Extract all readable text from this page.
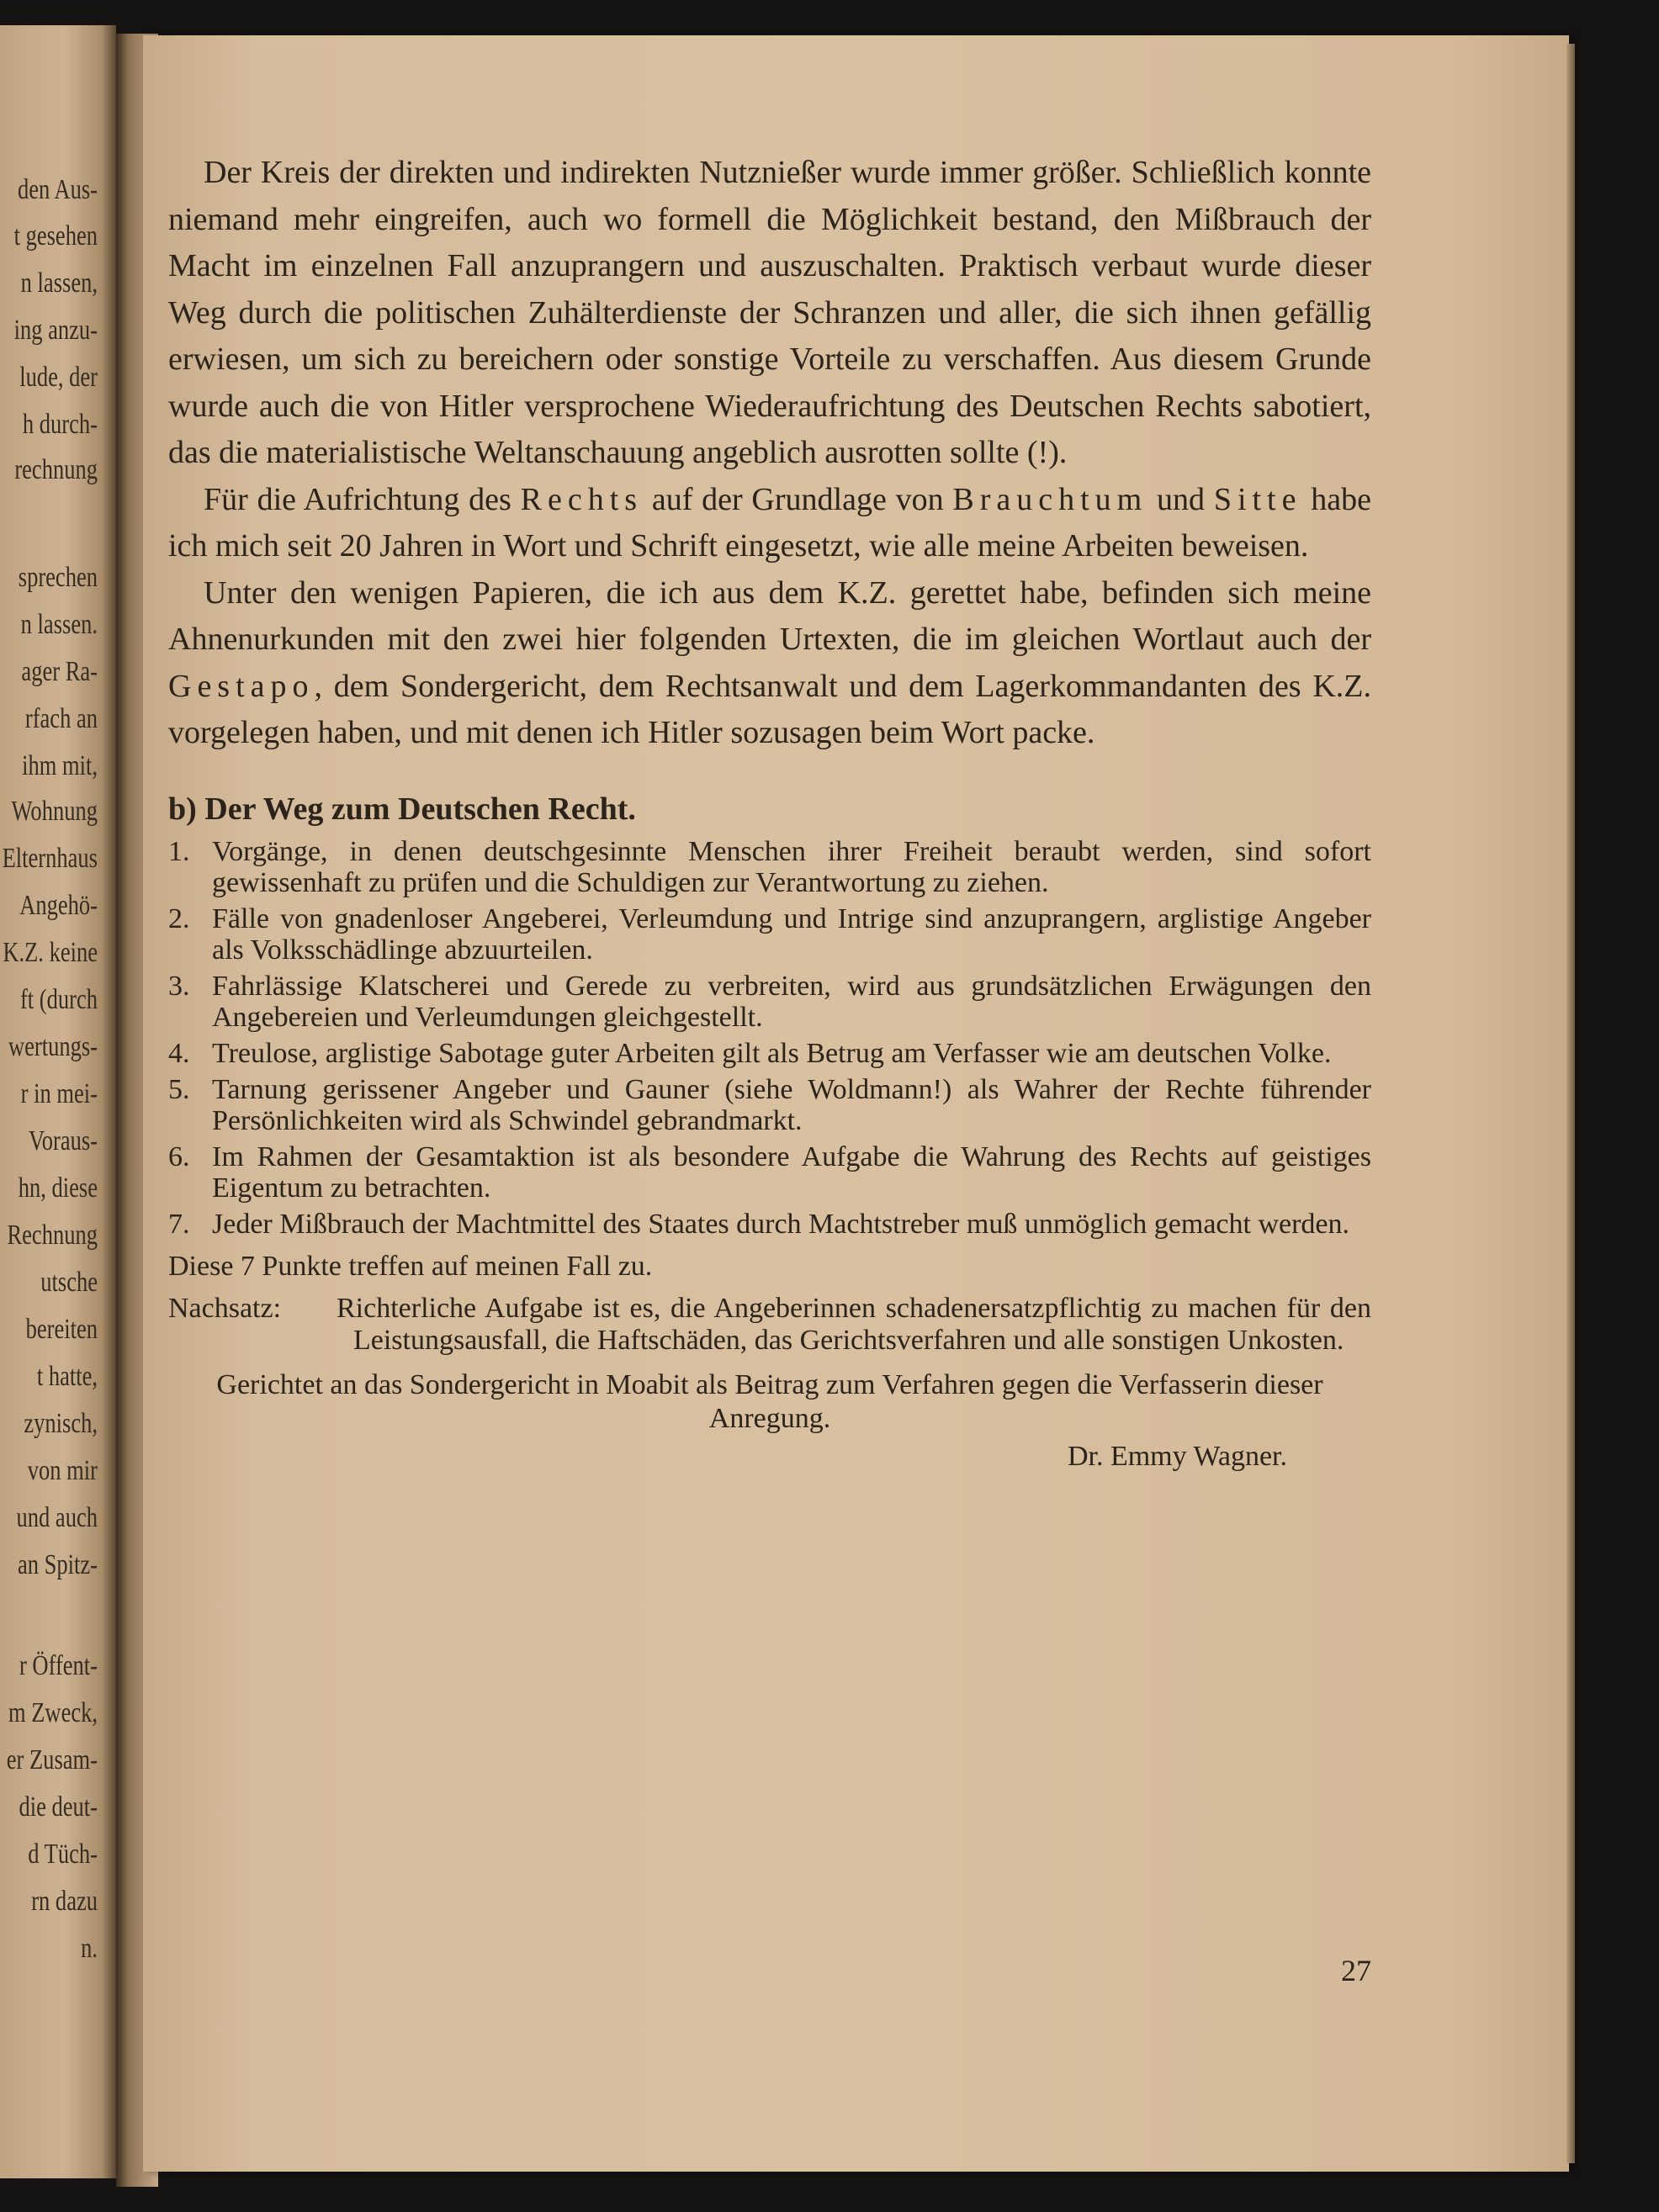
den Aus-
t gesehen
n lassen,
ing anzu-
lude, der
h durch-
rechnung
sprechen
n lassen.
ager Ra-
rfach an
ihm mit,
Wohnung
Elternhaus
Angehö-
K.Z. keine
ft (durch
wertungs-
r in mei-
Voraus-
hn, diese
Rechnung
utsche
bereiten
t hatte,
zynisch,
von mir
und auch
an Spitz-
r Öffent-
m Zweck,
er Zusam-
die deut-
d Tüch-
rn dazu
n.

Der Kreis der direkten und indirekten Nutznießer wurde immer größer. Schließlich konnte niemand mehr eingreifen, auch wo formell die Möglichkeit bestand, den Mißbrauch der Macht im einzelnen Fall anzuprangern und auszuschalten. Praktisch verbaut wurde dieser Weg durch die politischen Zuhälterdienste der Schranzen und aller, die sich ihnen gefällig erwiesen, um sich zu bereichern oder sonstige Vorteile zu verschaffen. Aus diesem Grunde wurde auch die von Hitler versprochene Wiederaufrichtung des Deutschen Rechts sabotiert, das die materialistische Weltanschauung angeblich ausrotten sollte (!).

Für die Aufrichtung des Rechts auf der Grundlage von Brauchtum und Sitte habe ich mich seit 20 Jahren in Wort und Schrift eingesetzt, wie alle meine Arbeiten beweisen.

Unter den wenigen Papieren, die ich aus dem K.Z. gerettet habe, befinden sich meine Ahnenurkunden mit den zwei hier folgenden Urtexten, die im gleichen Wortlaut auch der Gestapo, dem Sondergericht, dem Rechtsanwalt und dem Lagerkommandanten des K.Z. vorgelegen haben, und mit denen ich Hitler sozusagen beim Wort packe.

b) Der Weg zum Deutschen Recht.
1. Vorgänge, in denen deutschgesinnte Menschen ihrer Freiheit beraubt werden, sind sofort gewissenhaft zu prüfen und die Schuldigen zur Verantwortung zu ziehen.
2. Fälle von gnadenloser Angeberei, Verleumdung und Intrige sind anzuprangern, arglistige Angeber als Volksschädlinge abzuurteilen.
3. Fahrlässige Klatscherei und Gerede zu verbreiten, wird aus grundsätzlichen Erwägungen den Angebereien und Verleumdungen gleichgestellt.
4. Treulose, arglistige Sabotage guter Arbeiten gilt als Betrug am Verfasser wie am deutschen Volke.
5. Tarnung gerissener Angeber und Gauner (siehe Woldmann!) als Wahrer der Rechte führender Persönlichkeiten wird als Schwindel gebrandmarkt.
6. Im Rahmen der Gesamtaktion ist als besondere Aufgabe die Wahrung des Rechts auf geistiges Eigentum zu betrachten.
7. Jeder Mißbrauch der Machtmittel des Staates durch Machtstreber muß unmöglich gemacht werden.
Diese 7 Punkte treffen auf meinen Fall zu.
Nachsatz:	Richterliche Aufgabe ist es, die Angeberinnen schadenersatzpflichtig zu machen für den Leistungsausfall, die Haftschäden, das Gerichtsverfahren und alle sonstigen Unkosten.
Gerichtet an das Sondergericht in Moabit als Beitrag zum Verfahren gegen die Verfasserin dieser Anregung.
Dr. Emmy Wagner.
27
